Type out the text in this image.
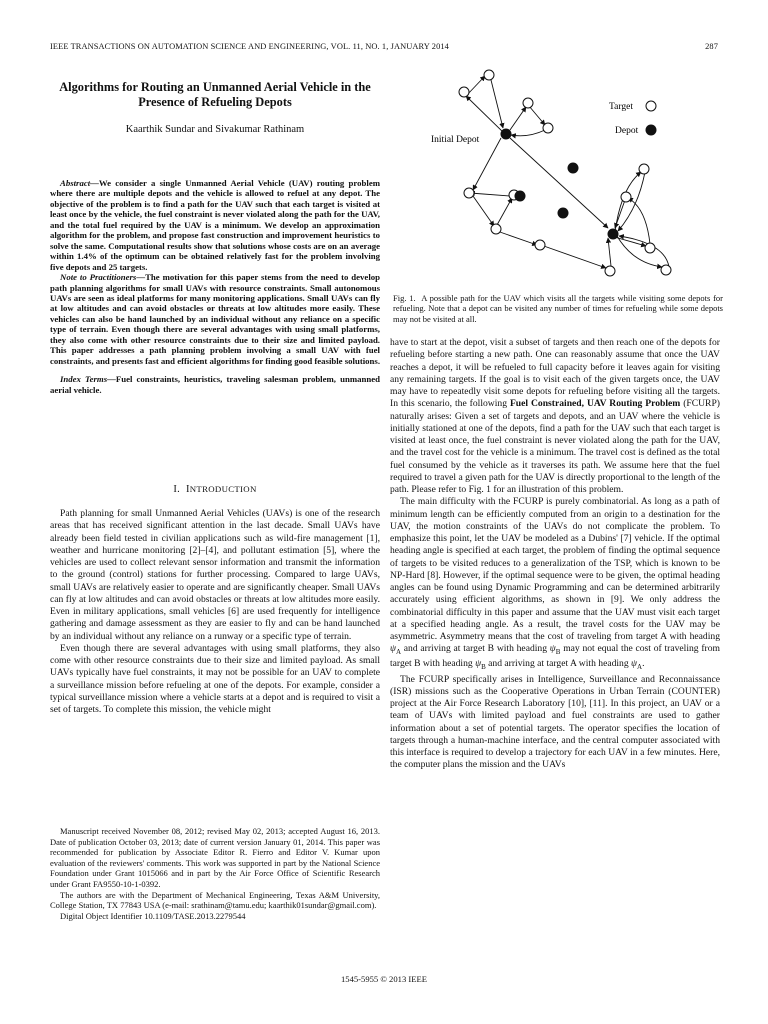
IEEE TRANSACTIONS ON AUTOMATION SCIENCE AND ENGINEERING, VOL. 11, NO. 1, JANUARY 2014	287
Algorithms for Routing an Unmanned Aerial Vehicle in the
Presence of Refueling Depots
Kaarthik Sundar and Sivakumar Rathinam

Abstract—We consider a single Unmanned Aerial Vehicle (UAV) routing problem where there are multiple depots and the vehicle is allowed to refuel at any depot. The objective of the problem is to find a path for the UAV such that each target is visited at least once by the vehicle, the fuel constraint is never violated along the path for the UAV, and the total fuel required by the UAV is a minimum. We develop an approximation algorithm for the problem, and propose fast construction and improvement heuristics to solve the same. Computational results show that solutions whose costs are on an average within 1.4% of the optimum can be obtained relatively fast for the problem involving five depots and 25 targets.

Note to Practitioners—The motivation for this paper stems from the need to develop path planning algorithms for small UAVs with resource constraints. Small autonomous UAVs are seen as ideal platforms for many monitoring applications. Small UAVs can fly at low altitudes and can avoid obstacles or threats at low altitudes more easily. These vehicles can also be hand launched by an individual without any reliance on a specific type of terrain. Even though there are several advantages with using small platforms, they also come with other resource constraints due to their size and limited payload. This paper addresses a path planning problem involving a small UAV with fuel constraints, and presents fast and efficient algorithms for finding good feasible solutions.

Index Terms—Fuel constraints, heuristics, traveling salesman problem, unmanned aerial vehicle.

I. INTRODUCTION

Path planning for small Unmanned Aerial Vehicles (UAVs) is one of the research areas that has received significant attention in the last decade. Small UAVs have already been field tested in civilian applications such as wild-fire management [1], weather and hurricane monitoring [2]–[4], and pollutant estimation [5], where the vehicles are used to collect relevant sensor information and transmit the information to the ground (control) stations for further processing. Compared to large UAVs, small UAVs are relatively easier to operate and are significantly cheaper. Small UAVs can fly at low altitudes and can avoid obstacles or threats at low altitudes more easily. Even in military applications, small vehicles [6] are used frequently for intelligence gathering and damage assessment as they are easier to fly and can be hand launched by an individual without any reliance on a runway or a specific type of terrain.

Even though there are several advantages with using small platforms, they also come with other resource constraints due to their size and limited payload. As small UAVs typically have fuel constraints, it may not be possible for an UAV to complete a surveillance mission before refueling at one of the depots. For example, consider a typical surveillance mission where a vehicle starts at a depot and is required to visit a set of targets. To complete this mission, the vehicle might

Manuscript received November 08, 2012; revised May 02, 2013; accepted August 16, 2013. Date of publication October 03, 2013; date of current version January 01, 2014. This paper was recommended for publication by Associate Editor R. Fierro and Editor V. Kumar upon evaluation of the reviewers' comments. This work was supported in part by the National Science Foundation under Grant 1015066 and in part by the Air Force Office of Scientific Research under Grant FA9550-10-1-0392.

The authors are with the Department of Mechanical Engineering, Texas A&M University, College Station, TX 77843 USA (e-mail: srathinam@tamu.edu; kaarthik01sundar@gmail.com).

Digital Object Identifier 10.1109/TASE.2013.2279544

Initial Depot
Target
Depot
Fig. 1. A possible path for the UAV which visits all the targets while visiting some depots for refueling. Note that a depot can be visited any number of times for refueling while some depots may not be visited at all.

have to start at the depot, visit a subset of targets and then reach one of the depots for refueling before starting a new path. One can reasonably assume that once the UAV reaches a depot, it will be refueled to full capacity before it leaves again for visiting any remaining targets. If the goal is to visit each of the given targets once, the UAV may have to repeatedly visit some depots for refueling before visiting all the targets. In this scenario, the following Fuel Constrained, UAV Routing Problem (FCURP) naturally arises: Given a set of targets and depots, and an UAV where the vehicle is initially stationed at one of the depots, find a path for the UAV such that each target is visited at least once, the fuel constraint is never violated along the path for the UAV, and the travel cost for the vehicle is a minimum. The travel cost is defined as the total fuel consumed by the vehicle as it traverses its path. We assume here that the fuel required to travel a given path for the UAV is directly proportional to the length of the path. Please refer to Fig. 1 for an illustration of this problem.

The main difficulty with the FCURP is purely combinatorial. As long as a path of minimum length can be efficiently computed from an origin to a destination for the UAV, the motion constraints of the UAVs do not complicate the problem. To emphasize this point, let the UAV be modeled as a Dubins' [7] vehicle. If the optimal heading angle is specified at each target, the problem of finding the optimal sequence of targets to be visited reduces to a generalization of the TSP, which is known to be NP-Hard [8]. However, if the optimal sequence were to be given, the optimal heading angles can be found using Dynamic Programming and can be determined arbitrarily accurately using efficient algorithms, as shown in [9]. We only address the combinatorial difficulty in this paper and assume that the UAV must visit each target at a specified heading angle. As a result, the travel costs for the UAV may be asymmetric. Asymmetry means that the cost of traveling from target A with heading $\psi_A$ and arriving at target B with heading $\psi_B$ may not equal the cost of traveling from target B with heading $\psi_B$ and arriving at target A with heading $\psi_A$.

The FCURP specifically arises in Intelligence, Surveillance and Reconnaissance (ISR) missions such as the Cooperative Operations in Urban Terrain (COUNTER) project at the Air Force Research Laboratory [10], [11]. In this project, an UAV or a team of UAVs with limited payload and fuel constraints are used to gather information about a set of potential targets. The operator specifies the location of targets through a human-machine interface, and the central computer associated with this interface is required to develop a trajectory for each UAV in a few minutes. Here, the computer plans the mission and the UAVs

1545-5955 © 2013 IEEE
